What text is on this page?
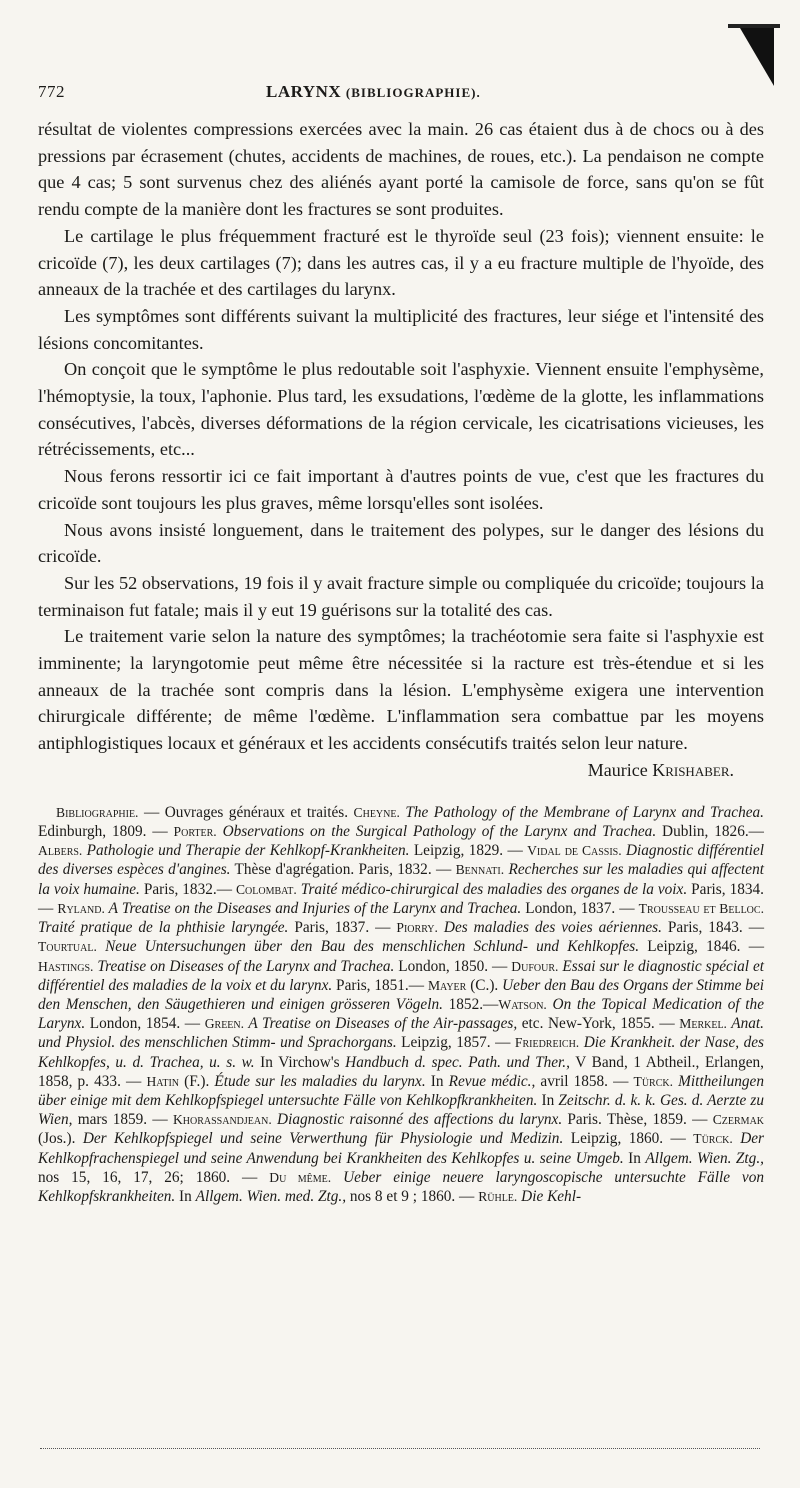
772	LARYNX (BIBLIOGRAPHIE).

résultat de violentes compressions exercées avec la main. 26 cas étaient dus à de chocs ou à des pressions par écrasement (chutes, accidents de machines, de roues, etc.). La pendaison ne compte que 4 cas; 5 sont survenus chez des aliénés ayant porté la camisole de force, sans qu'on se fût rendu compte de la manière dont les fractures se sont produites.

Le cartilage le plus fréquemment fracturé est le thyroïde seul (23 fois); viennent ensuite: le cricoïde (7), les deux cartilages (7); dans les autres cas, il y a eu fracture multiple de l'hyoïde, des anneaux de la trachée et des cartilages du larynx.

Les symptômes sont différents suivant la multiplicité des fractures, leur siége et l'intensité des lésions concomitantes.

On conçoit que le symptôme le plus redoutable soit l'asphyxie. Viennent ensuite l'emphysème, l'hémoptysie, la toux, l'aphonie. Plus tard, les exsudations, l'œdème de la glotte, les inflammations consécutives, l'abcès, diverses déformations de la région cervicale, les cicatrisations vicieuses, les rétrécissements, etc...

Nous ferons ressortir ici ce fait important à d'autres points de vue, c'est que les fractures du cricoïde sont toujours les plus graves, même lorsqu'elles sont isolées.

Nous avons insisté longuement, dans le traitement des polypes, sur le danger des lésions du cricoïde.

Sur les 52 observations, 19 fois il y avait fracture simple ou compliquée du cricoïde; toujours la terminaison fut fatale; mais il y eut 19 guérisons sur la totalité des cas.

Le traitement varie selon la nature des symptômes; la trachéotomie sera faite si l'asphyxie est imminente; la laryngotomie peut même être nécessitée si la racture est très-étendue et si les anneaux de la trachée sont compris dans la lésion. L'emphysème exigera une intervention chirurgicale différente; de même l'œdème. L'inflammation sera combattue par les moyens antiphlogistiques locaux et généraux et les accidents consécutifs traités selon leur nature.

Maurice Krishaber.
Bibliographie. — Ouvrages généraux et traités. Cheyne. The Pathology of the Membrane of Larynx and Trachea. Edinburgh, 1809. — Porter. Observations on the Surgical Pathology of the Larynx and Trachea. Dublin, 1826.— Albers. Pathologie und Therapie der Kehlkopf-Krankheiten. Leipzig, 1829. — Vidal de Cassis. Diagnostic différentiel des diverses espèces d'angines. Thèse d'agrégation. Paris, 1832. — Bennati. Recherches sur les maladies qui affectent la voix humaine. Paris, 1832.— Colombat. Traité médico-chirurgical des maladies des organes de la voix. Paris, 1834. — Ryland. A Treatise on the Diseases and Injuries of the Larynx and Trachea. London, 1837. — Trousseau et Belloc. Traité pratique de la phthisie laryngée. Paris, 1837. — Piorry. Des maladies des voies aériennes. Paris, 1843. — Tourtual. Neue Untersuchungen über den Bau des menschlichen Schlund- und Kehlkopfes. Leipzig, 1846. — Hastings. Treatise on Diseases of the Larynx and Trachea. London, 1850. — Dufour. Essai sur le diagnostic spécial et différentiel des maladies de la voix et du larynx. Paris, 1851.— Mayer (C.). Ueber den Bau des Organs der Stimme bei den Menschen, den Säugethieren und einigen grösseren Vögeln. 1852.—Watson. On the Topical Medication of the Larynx. London, 1854. — Green. A Treatise on Diseases of the Air-passages, etc. New-York, 1855. — Merkel. Anat. und Physiol. des menschlichen Stimm- und Sprachorgans. Leipzig, 1857. — Friedreich. Die Krankheit. der Nase, des Kehlkopfes, u. d. Trachea, u. s. w. In Virchow's Handbuch d. spec. Path. und Ther., V Band, 1 Abtheil., Erlangen, 1858, p. 433. — Hatin (F.). Étude sur les maladies du larynx. In Revue médic., avril 1858. — Türck. Mittheilungen über einige mit dem Kehlkopfspiegel untersuchte Fälle von Kehlkopfkrankheiten. In Zeitschr. d. k. k. Ges. d. Aerzte zu Wien, mars 1859. — Khorassandjean. Diagnostic raisonné des affections du larynx. Paris. Thèse, 1859. — Czermak (Jos.). Der Kehlkopfspiegel und seine Verwerthung für Physiologie und Medizin. Leipzig, 1860. — Türck. Der Kehlkopfrachenspiegel und seine Anwendung bei Krankheiten des Kehlkopfes u. seine Umgeb. In Allgem. Wien. Ztg., nos 15, 16, 17, 26; 1860. — Du même. Ueber einige neuere laryngoscopische untersuchte Fälle von Kehlkopfskrankheiten. In Allgem. Wien. med. Ztg., nos 8 et 9 ; 1860. — Rühle. Die Kehl-
